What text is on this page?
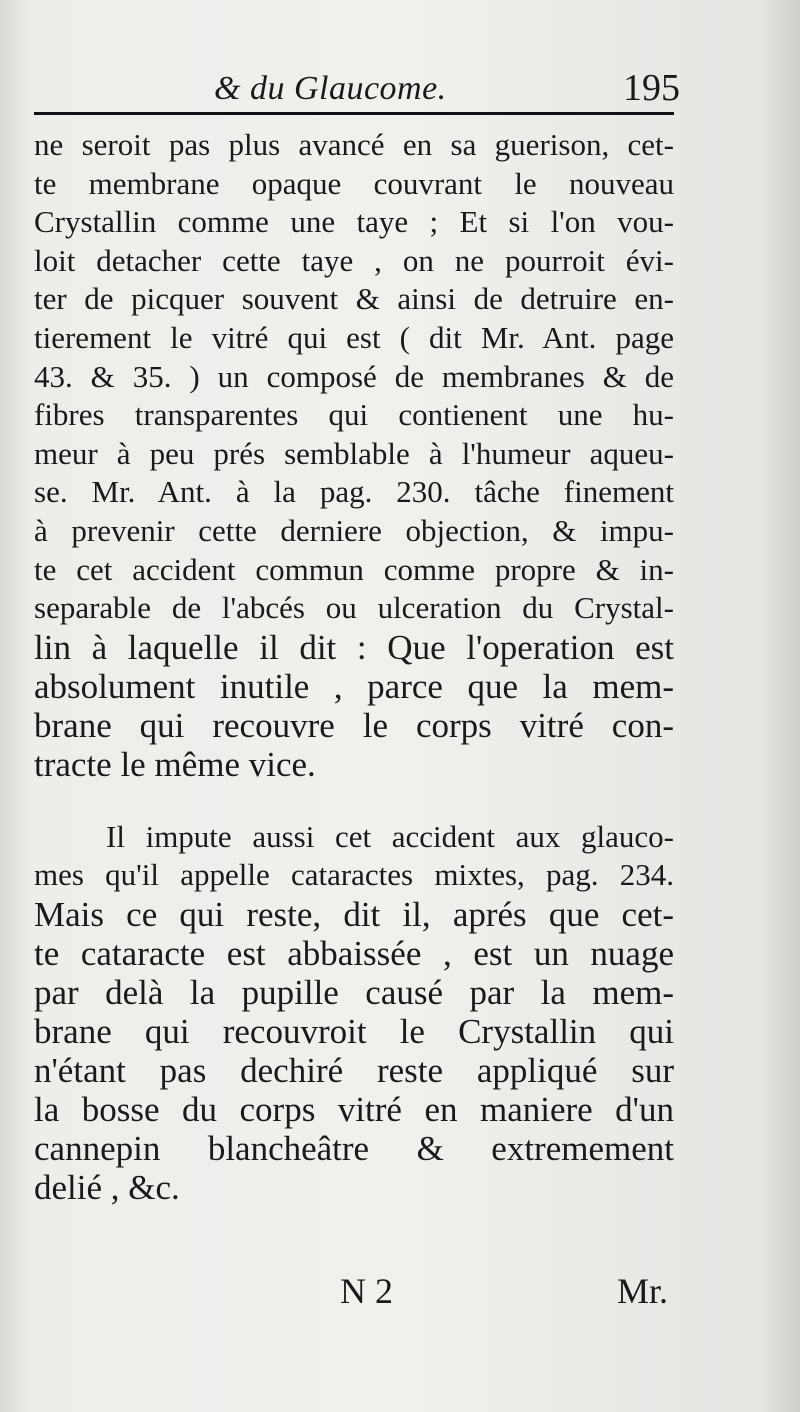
& du Glaucome.	195
ne seroit pas plus avancé en sa guerison, cet-
te membrane opaque couvrant le nouveau
Crystallin comme une taye ; Et si l'on vou-
loit detacher cette taye , on ne pourroit évi-
ter de picquer souvent & ainsi de detruire en-
tierement le vitré qui est ( dit Mr. Ant. page
43. & 35. ) un composé de membranes & de
fibres transparentes qui contienent une hu-
meur à peu prés semblable à l'humeur aqueu-
se. Mr. Ant. à la pag. 230. tâche finement
à prevenir cette derniere objection, & impu-
te cet accident commun comme propre & in-
separable de l'abcés ou ulceration du Crystal-
lin à laquelle il dit : Que l'operation est
absolument inutile , parce que la mem-
brane qui recouvre le corps vitré con-
tracte le même vice.
Il impute aussi cet accident aux glauco-
mes qu'il appelle cataractes mixtes, pag. 234.
Mais ce qui reste, dit il, aprés que cet-
te cataracte est abbaissée , est un nuage
par delà la pupille causé par la mem-
brane qui recouvroit le Crystallin qui
n'étant pas dechiré reste appliqué sur
la bosse du corps vitré en maniere d'un
cannepin blancheâtre & extremement
delié , &c.
N 2	Mr.
